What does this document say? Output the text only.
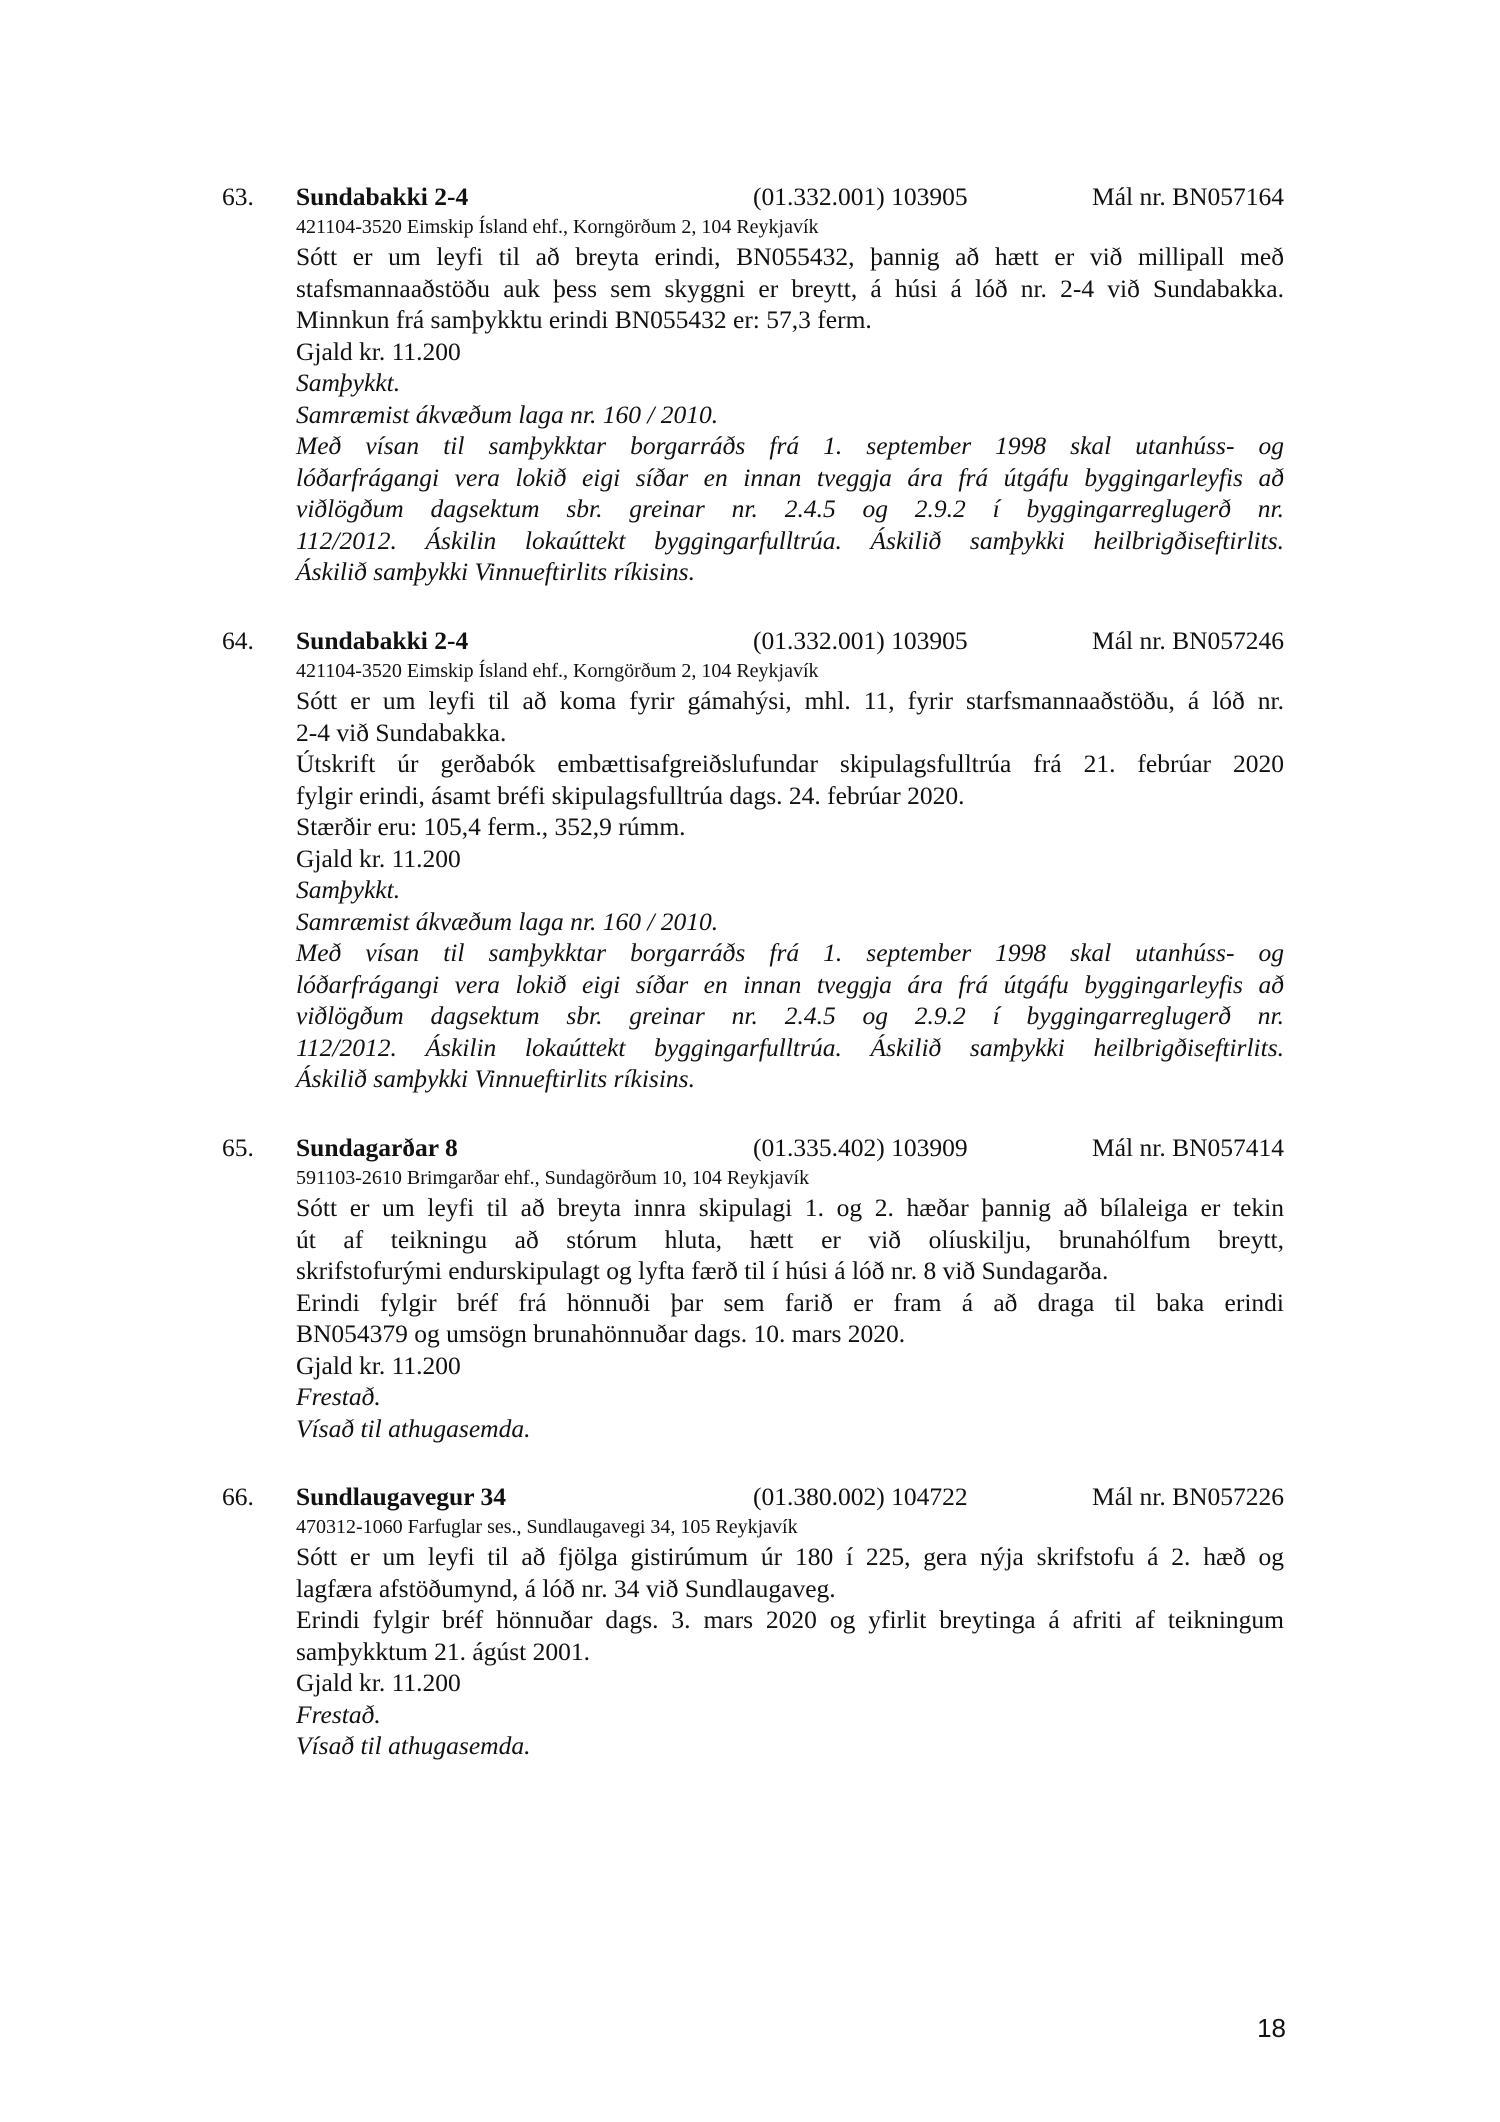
63. Sundabakki 2-4	(01.332.001) 103905	Mál nr. BN057164
421104-3520 Eimskip Ísland ehf., Korngörðum 2, 104 Reykjavík
Sótt er um leyfi til að breyta erindi, BN055432, þannig að hætt er við millipall með
stafsmannaaðstöðu auk þess sem skyggni er breytt, á húsi á lóð nr. 2-4 við Sundabakka.
Minnkun frá samþykktu erindi BN055432 er: 57,3 ferm.
Gjald kr. 11.200
Samþykkt.
Samræmist ákvæðum laga nr. 160 / 2010.
Með vísan til samþykktar borgarráðs frá 1. september 1998 skal utanhúss- og
lóðarfrágangi vera lokið eigi síðar en innan tveggja ára frá útgáfu byggingarleyfis að
viðlögðum dagsektum sbr. greinar nr. 2.4.5 og 2.9.2 í byggingarreglugerð nr.
112/2012. Áskilin lokaúttekt byggingarfulltrúa. Áskilið samþykki heilbrigðiseftirlits.
Áskilið samþykki Vinnueftirlits ríkisins.
64. Sundabakki 2-4	(01.332.001) 103905	Mál nr. BN057246
421104-3520 Eimskip Ísland ehf., Korngörðum 2, 104 Reykjavík
Sótt er um leyfi til að koma fyrir gámahýsi, mhl. 11, fyrir starfsmannaaðstöðu, á lóð nr.
2-4 við Sundabakka.
Útskrift úr gerðabók embættisafgreiðslufundar skipulagsfulltrúa frá 21. febrúar 2020
fylgir erindi, ásamt bréfi skipulagsfulltrúa dags. 24. febrúar 2020.
Stærðir eru: 105,4 ferm., 352,9 rúmm.
Gjald kr. 11.200
Samþykkt.
Samræmist ákvæðum laga nr. 160 / 2010.
Með vísan til samþykktar borgarráðs frá 1. september 1998 skal utanhúss- og
lóðarfrágangi vera lokið eigi síðar en innan tveggja ára frá útgáfu byggingarleyfis að
viðlögðum dagsektum sbr. greinar nr. 2.4.5 og 2.9.2 í byggingarreglugerð nr.
112/2012. Áskilin lokaúttekt byggingarfulltrúa. Áskilið samþykki heilbrigðiseftirlits.
Áskilið samþykki Vinnueftirlits ríkisins.
65. Sundagarðar 8	(01.335.402) 103909	Mál nr. BN057414
591103-2610 Brimgarðar ehf., Sundagörðum 10, 104 Reykjavík
Sótt er um leyfi til að breyta innra skipulagi 1. og 2. hæðar þannig að bílaleiga er tekin
út af teikningu að stórum hluta, hætt er við olíuskilju, brunahólfum breytt,
skrifstofurými endurskipulagt og lyfta færð til í húsi á lóð nr. 8 við Sundagarða.
Erindi fylgir bréf frá hönnuði þar sem farið er fram á að draga til baka erindi
BN054379 og umsögn brunahönnuðar dags. 10. mars 2020.
Gjald kr. 11.200
Frestað.
Vísað til athugasemda.
66. Sundlaugavegur 34	(01.380.002) 104722	Mál nr. BN057226
470312-1060 Farfuglar ses., Sundlaugavegi 34, 105 Reykjavík
Sótt er um leyfi til að fjölga gistirúmum úr 180 í 225, gera nýja skrifstofu á 2. hæð og
lagfæra afstöðumynd, á lóð nr. 34 við Sundlaugaveg.
Erindi fylgir bréf hönnuðar dags. 3. mars 2020 og yfirlit breytinga á afriti af teikningum
samþykktum 21. ágúst 2001.
Gjald kr. 11.200
Frestað.
Vísað til athugasemda.
18
